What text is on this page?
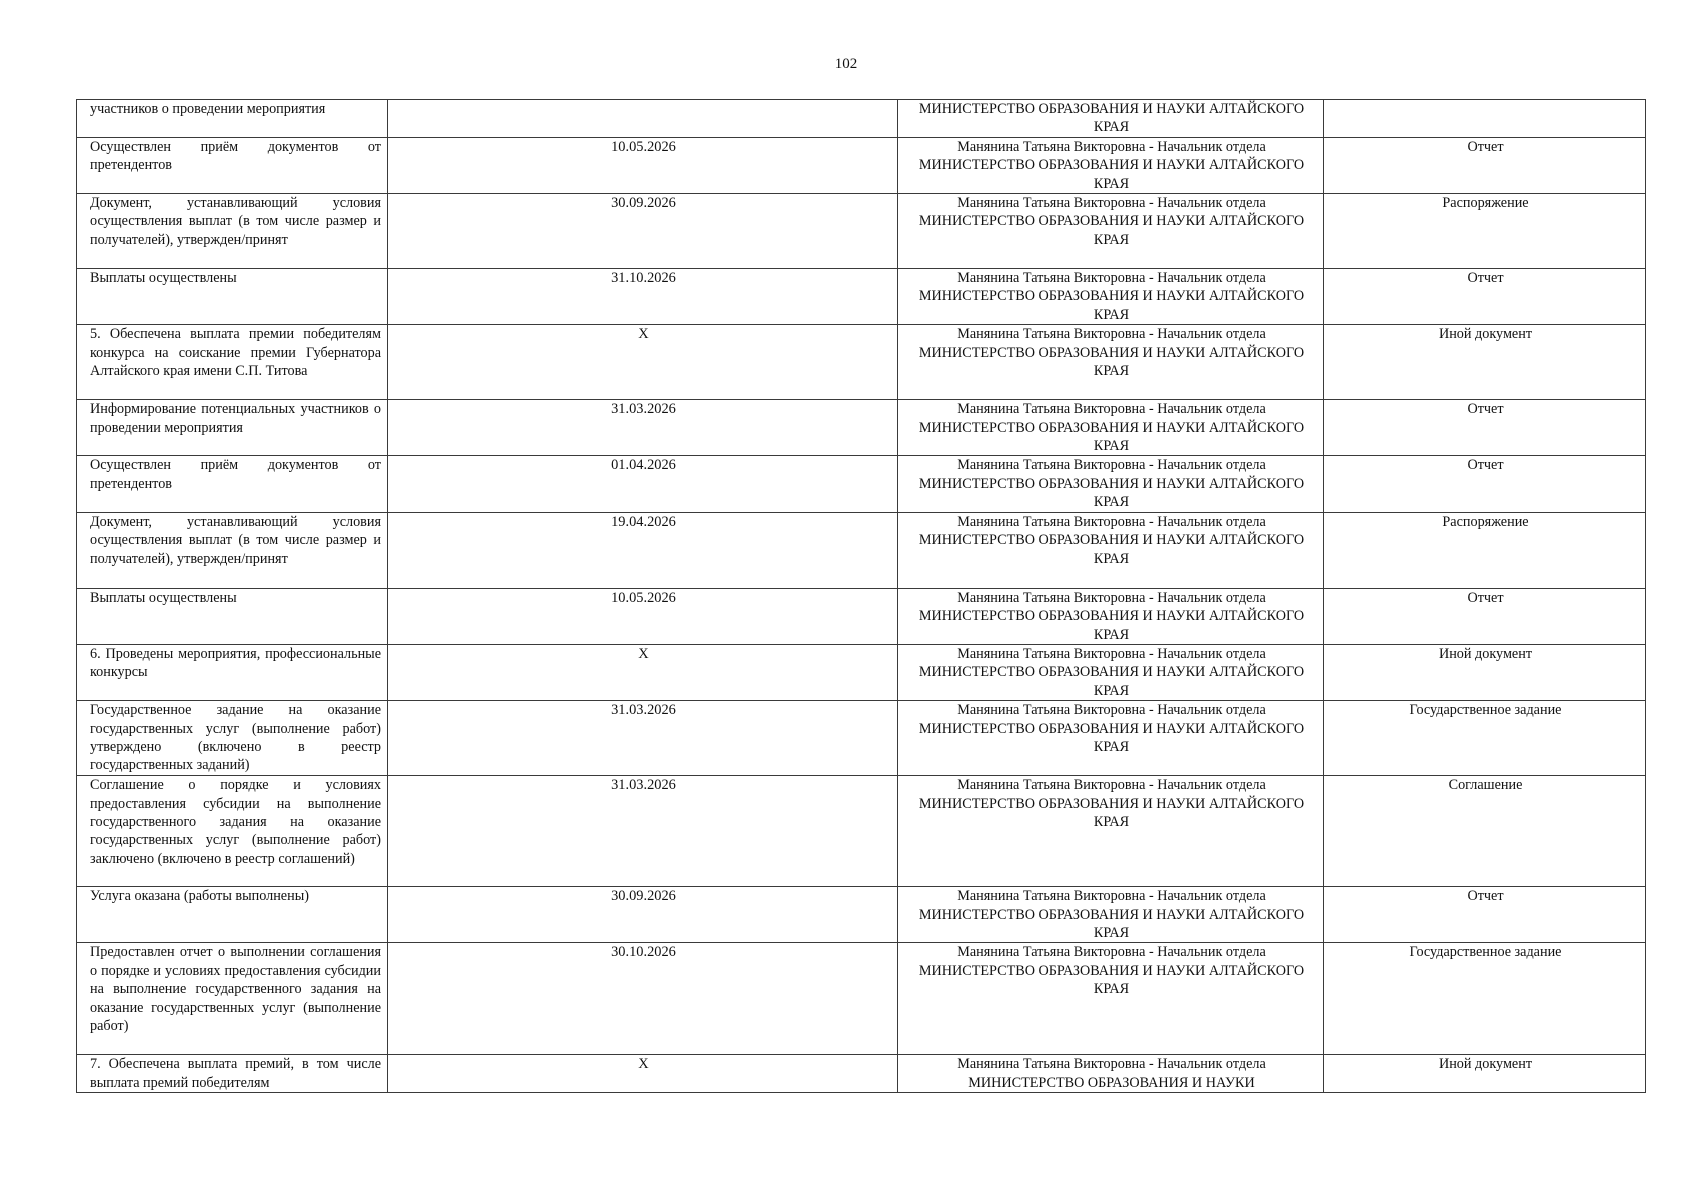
102
участников о проведении мероприятия		МИНИСТЕРСТВО ОБРАЗОВАНИЯ И НАУКИ АЛТАЙСКОГО КРАЯ	
Осуществлен приём документов от претендентов	10.05.2026	Манянина Татьяна Викторовна - Начальник отдела МИНИСТЕРСТВО ОБРАЗОВАНИЯ И НАУКИ АЛТАЙСКОГО КРАЯ	Отчет
Документ, устанавливающий условия осуществления выплат (в том числе размер и получателей), утвержден/принят	30.09.2026	Манянина Татьяна Викторовна - Начальник отдела МИНИСТЕРСТВО ОБРАЗОВАНИЯ И НАУКИ АЛТАЙСКОГО КРАЯ	Распоряжение
Выплаты осуществлены	31.10.2026	Манянина Татьяна Викторовна - Начальник отдела МИНИСТЕРСТВО ОБРАЗОВАНИЯ И НАУКИ АЛТАЙСКОГО КРАЯ	Отчет
5. Обеспечена выплата премии победителям конкурса на соискание премии Губернатора Алтайского края имени С.П. Титова	X	Манянина Татьяна Викторовна - Начальник отдела МИНИСТЕРСТВО ОБРАЗОВАНИЯ И НАУКИ АЛТАЙСКОГО КРАЯ	Иной документ
Информирование потенциальных участников о проведении мероприятия	31.03.2026	Манянина Татьяна Викторовна - Начальник отдела МИНИСТЕРСТВО ОБРАЗОВАНИЯ И НАУКИ АЛТАЙСКОГО КРАЯ	Отчет
Осуществлен приём документов от претендентов	01.04.2026	Манянина Татьяна Викторовна - Начальник отдела МИНИСТЕРСТВО ОБРАЗОВАНИЯ И НАУКИ АЛТАЙСКОГО КРАЯ	Отчет
Документ, устанавливающий условия осуществления выплат (в том числе размер и получателей), утвержден/принят	19.04.2026	Манянина Татьяна Викторовна - Начальник отдела МИНИСТЕРСТВО ОБРАЗОВАНИЯ И НАУКИ АЛТАЙСКОГО КРАЯ	Распоряжение
Выплаты осуществлены	10.05.2026	Манянина Татьяна Викторовна - Начальник отдела МИНИСТЕРСТВО ОБРАЗОВАНИЯ И НАУКИ АЛТАЙСКОГО КРАЯ	Отчет
6. Проведены мероприятия, профессиональные конкурсы	X	Манянина Татьяна Викторовна - Начальник отдела МИНИСТЕРСТВО ОБРАЗОВАНИЯ И НАУКИ АЛТАЙСКОГО КРАЯ	Иной документ
Государственное задание на оказание государственных услуг (выполнение работ) утверждено (включено в реестр государственных заданий)	31.03.2026	Манянина Татьяна Викторовна - Начальник отдела МИНИСТЕРСТВО ОБРАЗОВАНИЯ И НАУКИ АЛТАЙСКОГО КРАЯ	Государственное задание
Соглашение о порядке и условиях предоставления субсидии на выполнение государственного задания на оказание государственных услуг (выполнение работ) заключено (включено в реестр соглашений)	31.03.2026	Манянина Татьяна Викторовна - Начальник отдела МИНИСТЕРСТВО ОБРАЗОВАНИЯ И НАУКИ АЛТАЙСКОГО КРАЯ	Соглашение
Услуга оказана (работы выполнены)	30.09.2026	Манянина Татьяна Викторовна - Начальник отдела МИНИСТЕРСТВО ОБРАЗОВАНИЯ И НАУКИ АЛТАЙСКОГО КРАЯ	Отчет
Предоставлен отчет о выполнении соглашения о порядке и условиях предоставления субсидии на выполнение государственного задания на оказание государственных услуг (выполнение работ)	30.10.2026	Манянина Татьяна Викторовна - Начальник отдела МИНИСТЕРСТВО ОБРАЗОВАНИЯ И НАУКИ АЛТАЙСКОГО КРАЯ	Государственное задание
7. Обеспечена выплата премий, в том числе выплата премий победителям	X	Манянина Татьяна Викторовна - Начальник отдела МИНИСТЕРСТВО ОБРАЗОВАНИЯ И НАУКИ	Иной документ
